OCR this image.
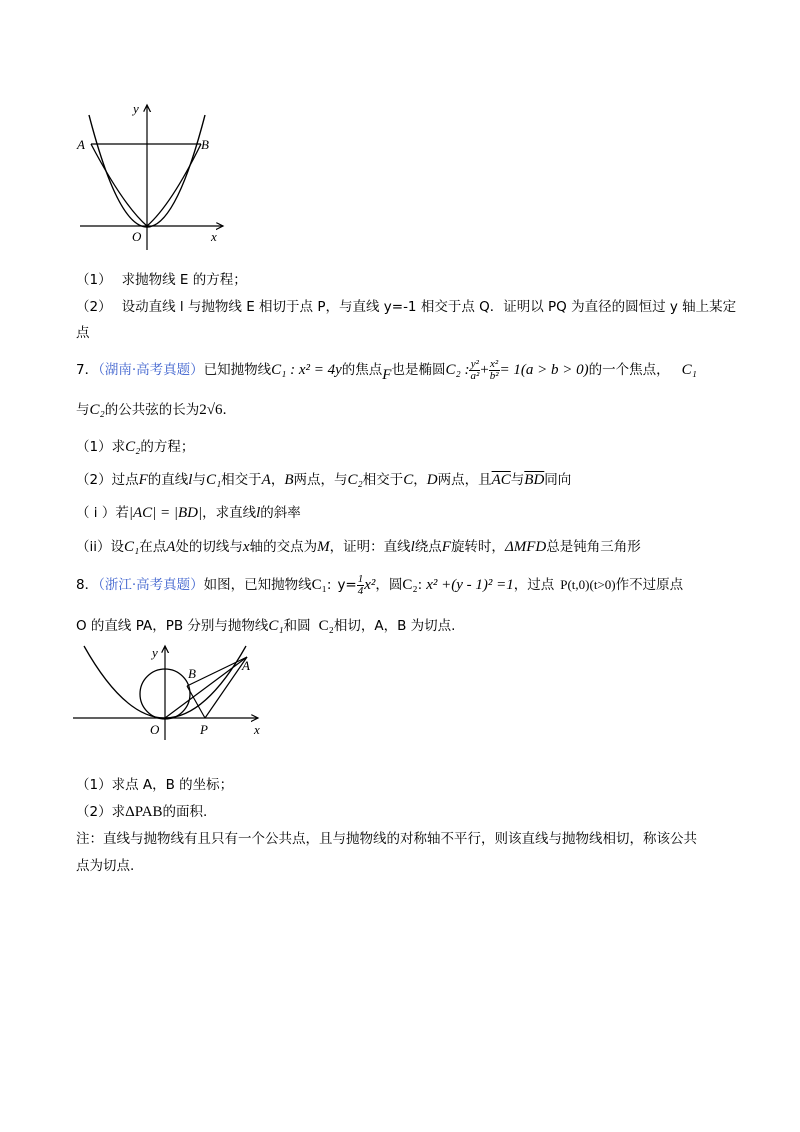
y
A	B
O	x
（1） 求抛物线 E 的方程；
（2） 设动直线 l 与抛物线 E 相切于点 P，与直线 y=-1 相交于点 Q．证明以 PQ 为直径的圆恒过 y 轴上某定
点
7．（湖南·高考真题）已知抛物线C₁ : x² = 4y的焦点F也是椭圆C₂ : $\frac{\text{y²}}{\text{a²}} + \frac{\text{x²}}{\text{b²}} = 1(a > b > 0)$的一个焦点， C₁
与C₂的公共弦的长为2√6．
（1）求C₂的方程；
（2）过点F的直线l与C₁相交于A，B两点，与C₂相交于C，D两点，且$\overline{AC}$与$\overline{BD}$同向
（ i ）若|AC| = |BD|，求直线l的斜率
（ii）设C₁在点A处的切线与x轴的交点为M，证明：直线l绕点F旋转时，ΔMFD总是钝角三角形
8．（浙江·高考真题）如图，已知抛物线C₁: $y= \frac{1}{4} x^2$，圆C₂: x² +(y - 1)² =1，过点 P(t,0)(t>0)作不过原点
O 的直线 PA，PB 分别与抛物线C₁和圆 C₂相切，A，B 为切点.
y
B
A
O	P	x
（1）求点 A，B 的坐标；
（2）求ΔPAB的面积.
注：直线与抛物线有且只有一个公共点，且与抛物线的对称轴不平行，则该直线与抛物线相切，称该公共
点为切点.
